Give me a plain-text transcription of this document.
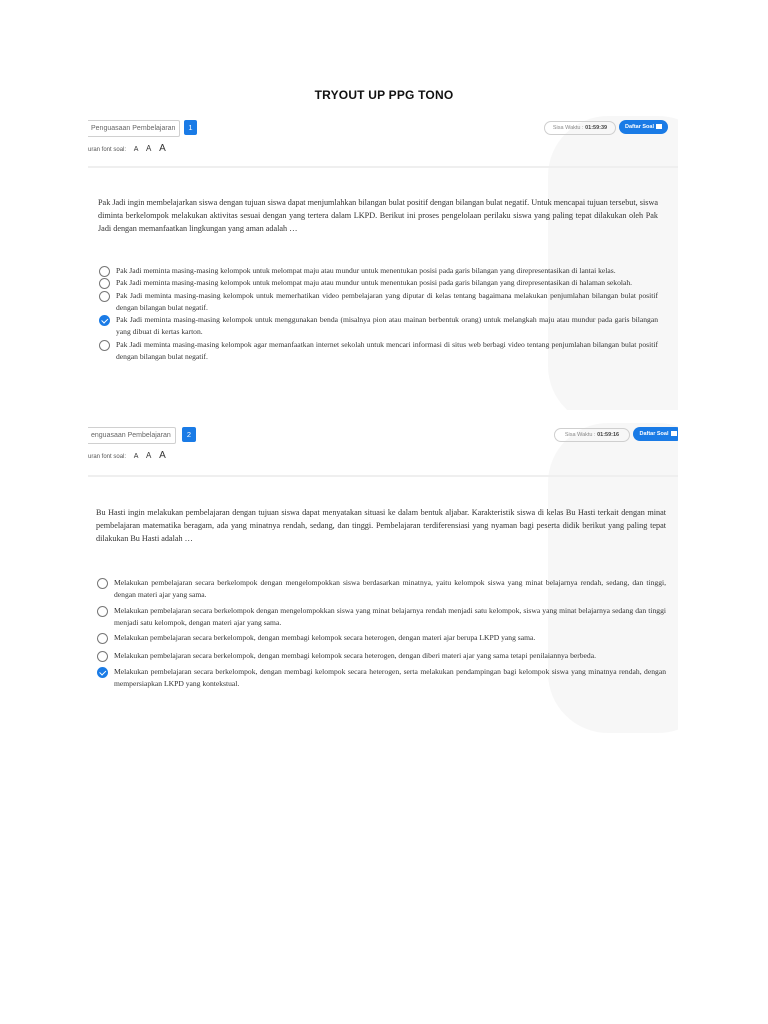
TRYOUT UP PPG TONO
Penguasaan Pembelajaran	1	Sisa Waktu : 01:59:39	Daftar Soal
uran font soal: A A A
Pak Jadi ingin membelajarkan siswa dengan tujuan siswa dapat menjumlahkan bilangan bulat positif dengan bilangan bulat negatif. Untuk mencapai tujuan tersebut, siswa diminta berkelompok melakukan aktivitas sesuai dengan yang tertera dalam LKPD. Berikut ini proses pengelolaan perilaku siswa yang paling tepat dilakukan oleh Pak Jadi dengan memanfaatkan lingkungan yang aman adalah …
Pak Jadi meminta masing-masing kelompok untuk melompat maju atau mundur untuk menentukan posisi pada garis bilangan yang direpresentasikan di lantai kelas.
Pak Jadi meminta masing-masing kelompok untuk melompat maju atau mundur untuk menentukan posisi pada garis bilangan yang direpresentasikan di halaman sekolah.
Pak Jadi meminta masing-masing kelompok untuk memerhatikan video pembelajaran yang diputar di kelas tentang bagaimana melakukan penjumlahan bilangan bulat positif dengan bilangan bulat negatif.
Pak Jadi meminta masing-masing kelompok untuk menggunakan benda (misalnya pion atau mainan berbentuk orang) untuk melangkah maju atau mundur pada garis bilangan yang dibuat di kertas karton.
Pak Jadi meminta masing-masing kelompok agar memanfaatkan internet sekolah untuk mencari informasi di situs web berbagi video tentang penjumlahan bilangan bulat positif dengan bilangan bulat negatif.
enguasaan Pembelajaran	2	Sisa Waktu : 01:59:16	Daftar Soal
uran font soal: A A A
Bu Hasti ingin melakukan pembelajaran dengan tujuan siswa dapat menyatakan situasi ke dalam bentuk aljabar. Karakteristik siswa di kelas Bu Hasti terkait dengan minat pembelajaran matematika beragam, ada yang minatnya rendah, sedang, dan tinggi. Pembelajaran terdiferensiasi yang nyaman bagi peserta didik berikut yang paling tepat dilakukan Bu Hasti adalah …
Melakukan pembelajaran secara berkelompok dengan mengelompokkan siswa berdasarkan minatnya, yaitu kelompok siswa yang minat belajarnya rendah, sedang, dan tinggi, dengan materi ajar yang sama.
Melakukan pembelajaran secara berkelompok dengan mengelompokkan siswa yang minat belajarnya rendah menjadi satu kelompok, siswa yang minat belajarnya sedang dan tinggi menjadi satu kelompok, dengan materi ajar yang sama.
Melakukan pembelajaran secara berkelompok, dengan membagi kelompok secara heterogen, dengan materi ajar berupa LKPD yang sama.
Melakukan pembelajaran secara berkelompok, dengan membagi kelompok secara heterogen, dengan diberi materi ajar yang sama tetapi penilaiannya berbeda.
Melakukan pembelajaran secara berkelompok, dengan membagi kelompok secara heterogen, serta melakukan pendampingan bagi kelompok siswa yang minatnya rendah, dengan mempersiapkan LKPD yang kontekstual.
